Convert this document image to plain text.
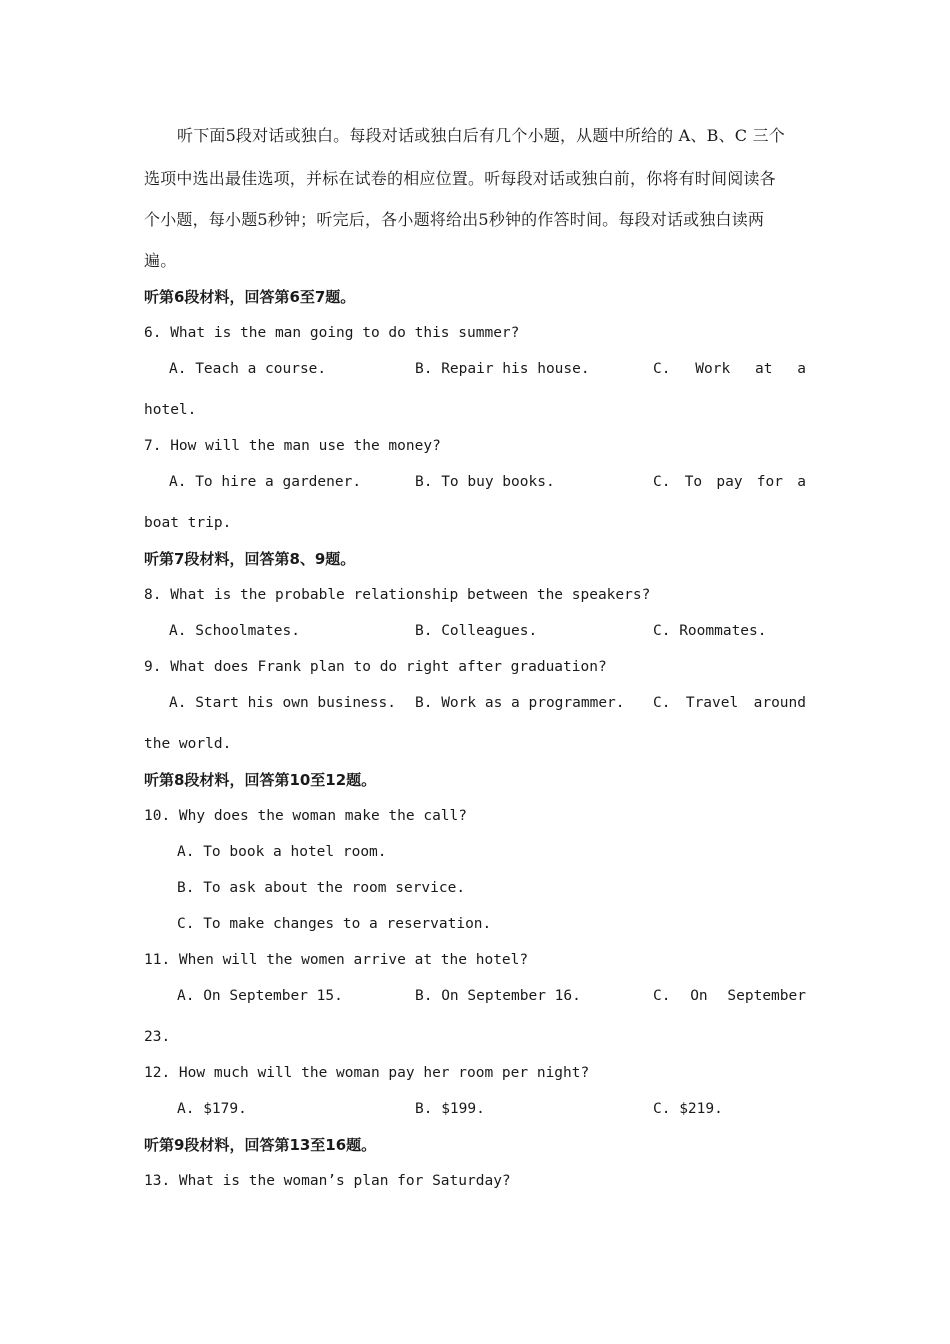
听下面5段对话或独白。每段对话或独白后有几个小题，从题中所给的 A、B、C 三个
选项中选出最佳选项，并标在试卷的相应位置。听每段对话或独白前，你将有时间阅读各
个小题，每小题5秒钟；听完后，各小题将给出5秒钟的作答时间。每段对话或独白读两
遍。
听第6段材料，回答第6至7题。
6. What is the man going to do this summer?
A. Teach a course.	B. Repair his house.	C. Work at a
hotel.
7. How will the man use the money?
A. To hire a gardener.	B. To buy books.	C. To pay for a
boat trip.
听第7段材料，回答第8、9题。
8. What is the probable relationship between the speakers?
A. Schoolmates.	B. Colleagues.	C. Roommates.
9. What does Frank plan to do right after graduation?
A. Start his own business. B. Work as a programmer. C. Travel around
the world.
听第8段材料，回答第10至12题。
10. Why does the woman make the call?
A. To book a hotel room.
B. To ask about the room service.
C. To make changes to a reservation.
11. When will the women arrive at the hotel?
A. On September 15.	B. On September 16.	C. On September
23.
12. How much will the woman pay her room per night?
A. $179.	B. $199.	C. $219.
听第9段材料，回答第13至16题。
13. What is the woman’s plan for Saturday?
